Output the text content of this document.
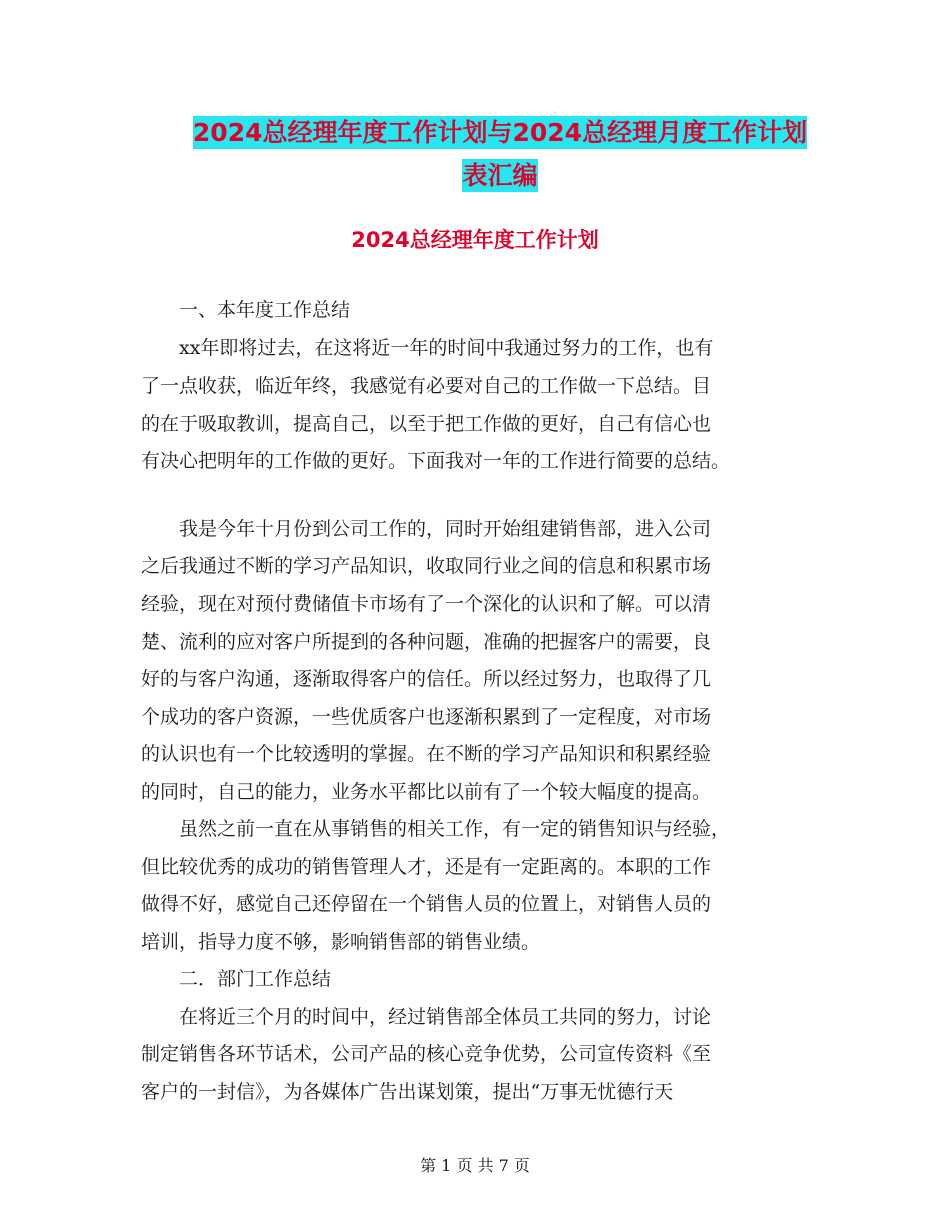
2024总经理年度工作计划与2024总经理月度工作计划
表汇编
2024总经理年度工作计划
　　一、本年度工作总结
　　xx年即将过去，在这将近一年的时间中我通过努力的工作，也有
了一点收获，临近年终，我感觉有必要对自己的工作做一下总结。目
的在于吸取教训，提高自己，以至于把工作做的更好，自己有信心也
有决心把明年的工作做的更好。下面我对一年的工作进行简要的总结。
　　我是今年十月份到公司工作的，同时开始组建销售部，进入公司
之后我通过不断的学习产品知识，收取同行业之间的信息和积累市场
经验，现在对预付费储值卡市场有了一个深化的认识和了解。可以清
楚、流利的应对客户所提到的各种问题，准确的把握客户的需要，良
好的与客户沟通，逐渐取得客户的信任。所以经过努力，也取得了几
个成功的客户资源，一些优质客户也逐渐积累到了一定程度，对市场
的认识也有一个比较透明的掌握。在不断的学习产品知识和积累经验
的同时，自己的能力，业务水平都比以前有了一个较大幅度的提高。
　　虽然之前一直在从事销售的相关工作，有一定的销售知识与经验，
但比较优秀的成功的销售管理人才，还是有一定距离的。本职的工作
做得不好，感觉自己还停留在一个销售人员的位置上，对销售人员的
培训，指导力度不够，影响销售部的销售业绩。
　　二．部门工作总结
　　在将近三个月的时间中，经过销售部全体员工共同的努力，讨论
制定销售各环节话术，公司产品的核心竞争优势，公司宣传资料《至
客户的一封信》，为各媒体广告出谋划策，提出“万事无忧德行天
第 1 页 共 7 页
